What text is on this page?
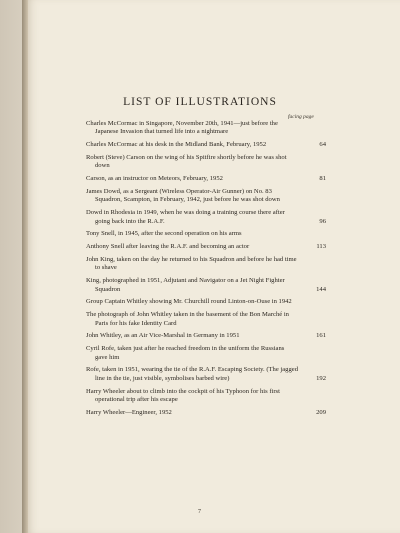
LIST OF ILLUSTRATIONS
facing page
Charles McCormac in Singapore, November 20th, 1941—just before the Japanese Invasion that turned life into a nightmare
Charles McCormac at his desk in the Midland Bank, February, 1952	64
Robert (Steve) Carson on the wing of his Spitfire shortly before he was shot down
Carson, as an instructor on Meteors, February, 1952	81
James Dowd, as a Sergeant (Wireless Operator-Air Gunner) on No. 83 Squadron, Scampton, in February, 1942, just before he was shot down
Dowd in Rhodesia in 1949, when he was doing a training course there after going back into the R.A.F.	96
Tony Snell, in 1945, after the second operation on his arms
Anthony Snell after leaving the R.A.F. and becoming an actor	113
John King, taken on the day he returned to his Squadron and before he had time to shave
King, photographed in 1951, Adjutant and Navigator on a Jet Night Fighter Squadron	144
Group Captain Whitley showing Mr. Churchill round Linton-on-Ouse in 1942
The photograph of John Whitley taken in the basement of the Bon Marché in Paris for his fake Identity Card
John Whitley, as an Air Vice-Marshal in Germany in 1951	161
Cyril Rofe, taken just after he reached freedom in the uniform the Russians gave him
Rofe, taken in 1951, wearing the tie of the R.A.F. Escaping Society. (The jagged line in the tie, just visible, symbolises barbed wire)	192
Harry Wheeler about to climb into the cockpit of his Typhoon for his first operational trip after his escape
Harry Wheeler—Engineer, 1952	209
7
